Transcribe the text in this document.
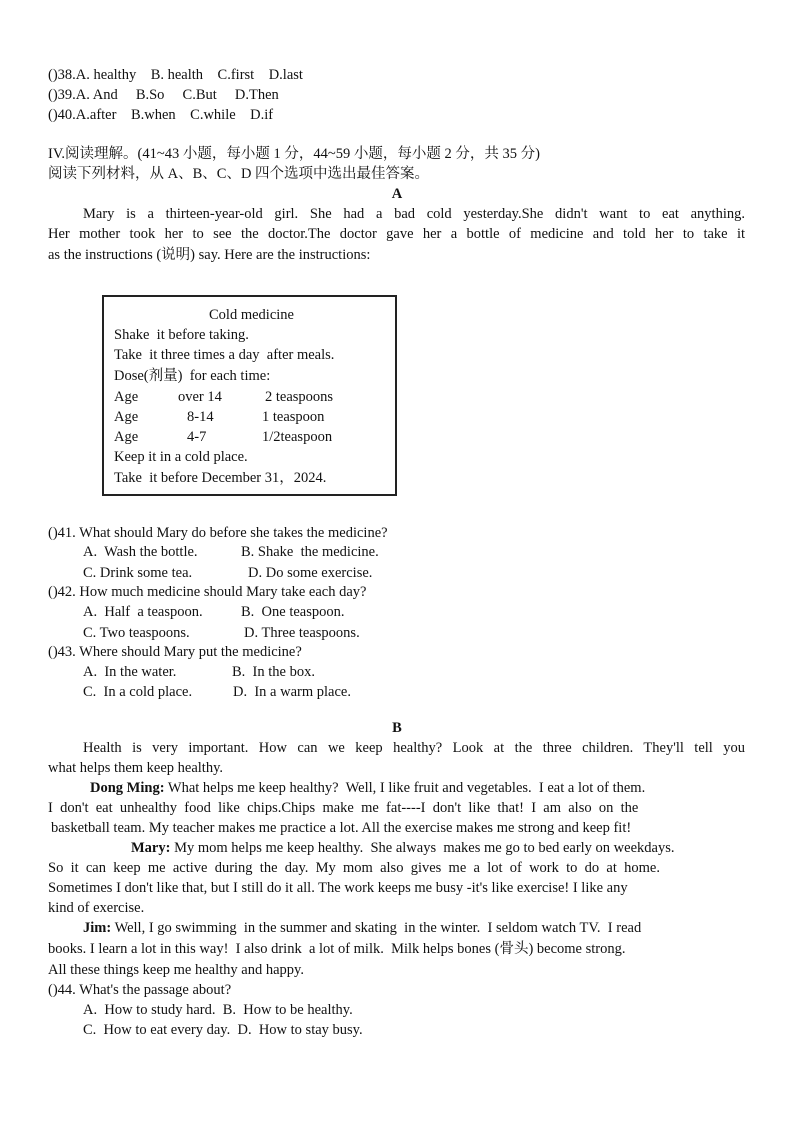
()38.A. healthy    B. health    C.first    D.last
()39.A. And     B.So     C.But     D.Then
()40.A.after    B.when    C.while    D.if
IV.阅读理解。(41~43 小题，每小题 1 分，44~59 小题，每小题 2 分，共 35 分)
阅读下列材料，从 A、B、C、D 四个选项中选出最佳答案。
A
Mary is a thirteen-year-old girl. She had a bad cold yesterday.She didn't want to eat anything.
Her mother took her to see the doctor.The doctor gave her a bottle of medicine and told her to take it
as the instructions (说明) say. Here are the instructions:
Cold medicine
Shake  it before taking.
Take  it three times a day  after meals.
Dose(剂量)  for each time:
Age	over 14	2 teaspoons
Age	8-14	1 teaspoon
Age	4-7	1/2teaspoon
Keep it in a cold place.
Take  it before December 31，2024.
()41. What should Mary do before she takes the medicine?
A.  Wash the bottle.	B. Shake  the medicine.
C. Drink some tea.	D. Do some exercise.
()42. How much medicine should Mary take each day?
A.  Half  a teaspoon.	B.  One teaspoon.
C. Two teaspoons.	D. Three teaspoons.
()43. Where should Mary put the medicine?
A.  In the water.	B.  In the box.
C.  In a cold place.	D.  In a warm place.
B
Health is very important. How can we keep healthy? Look at the three children. They'll tell you
what helps them keep healthy.
Dong Ming: What helps me keep healthy?  Well, I like fruit and vegetables.  I eat a lot of them.
I  don't  eat  unhealthy  food  like  chips.Chips  make  me  fat----I  don't  like  that!  I  am  also  on  the
basketball team. My teacher makes me practice a lot. All the exercise makes me strong and keep fit!
Mary: My mom helps me keep healthy.  She always  makes me go to bed early on weekdays.
So  it  can  keep  me  active  during  the  day.  My  mom  also  gives  me  a  lot  of  work  to  do  at  home.
Sometimes I don't like that, but I still do it all. The work keeps me busy -it's like exercise! I like any
kind of exercise.
Jim: Well, I go swimming  in the summer and skating  in the winter.  I seldom watch TV.  I read
books. I learn a lot in this way!  I also drink  a lot of milk.  Milk helps bones (骨头) become strong.
All these things keep me healthy and happy.
()44. What's the passage about?
A.  How to study hard.  B.  How to be healthy.
C.  How to eat every day.  D.  How to stay busy.
